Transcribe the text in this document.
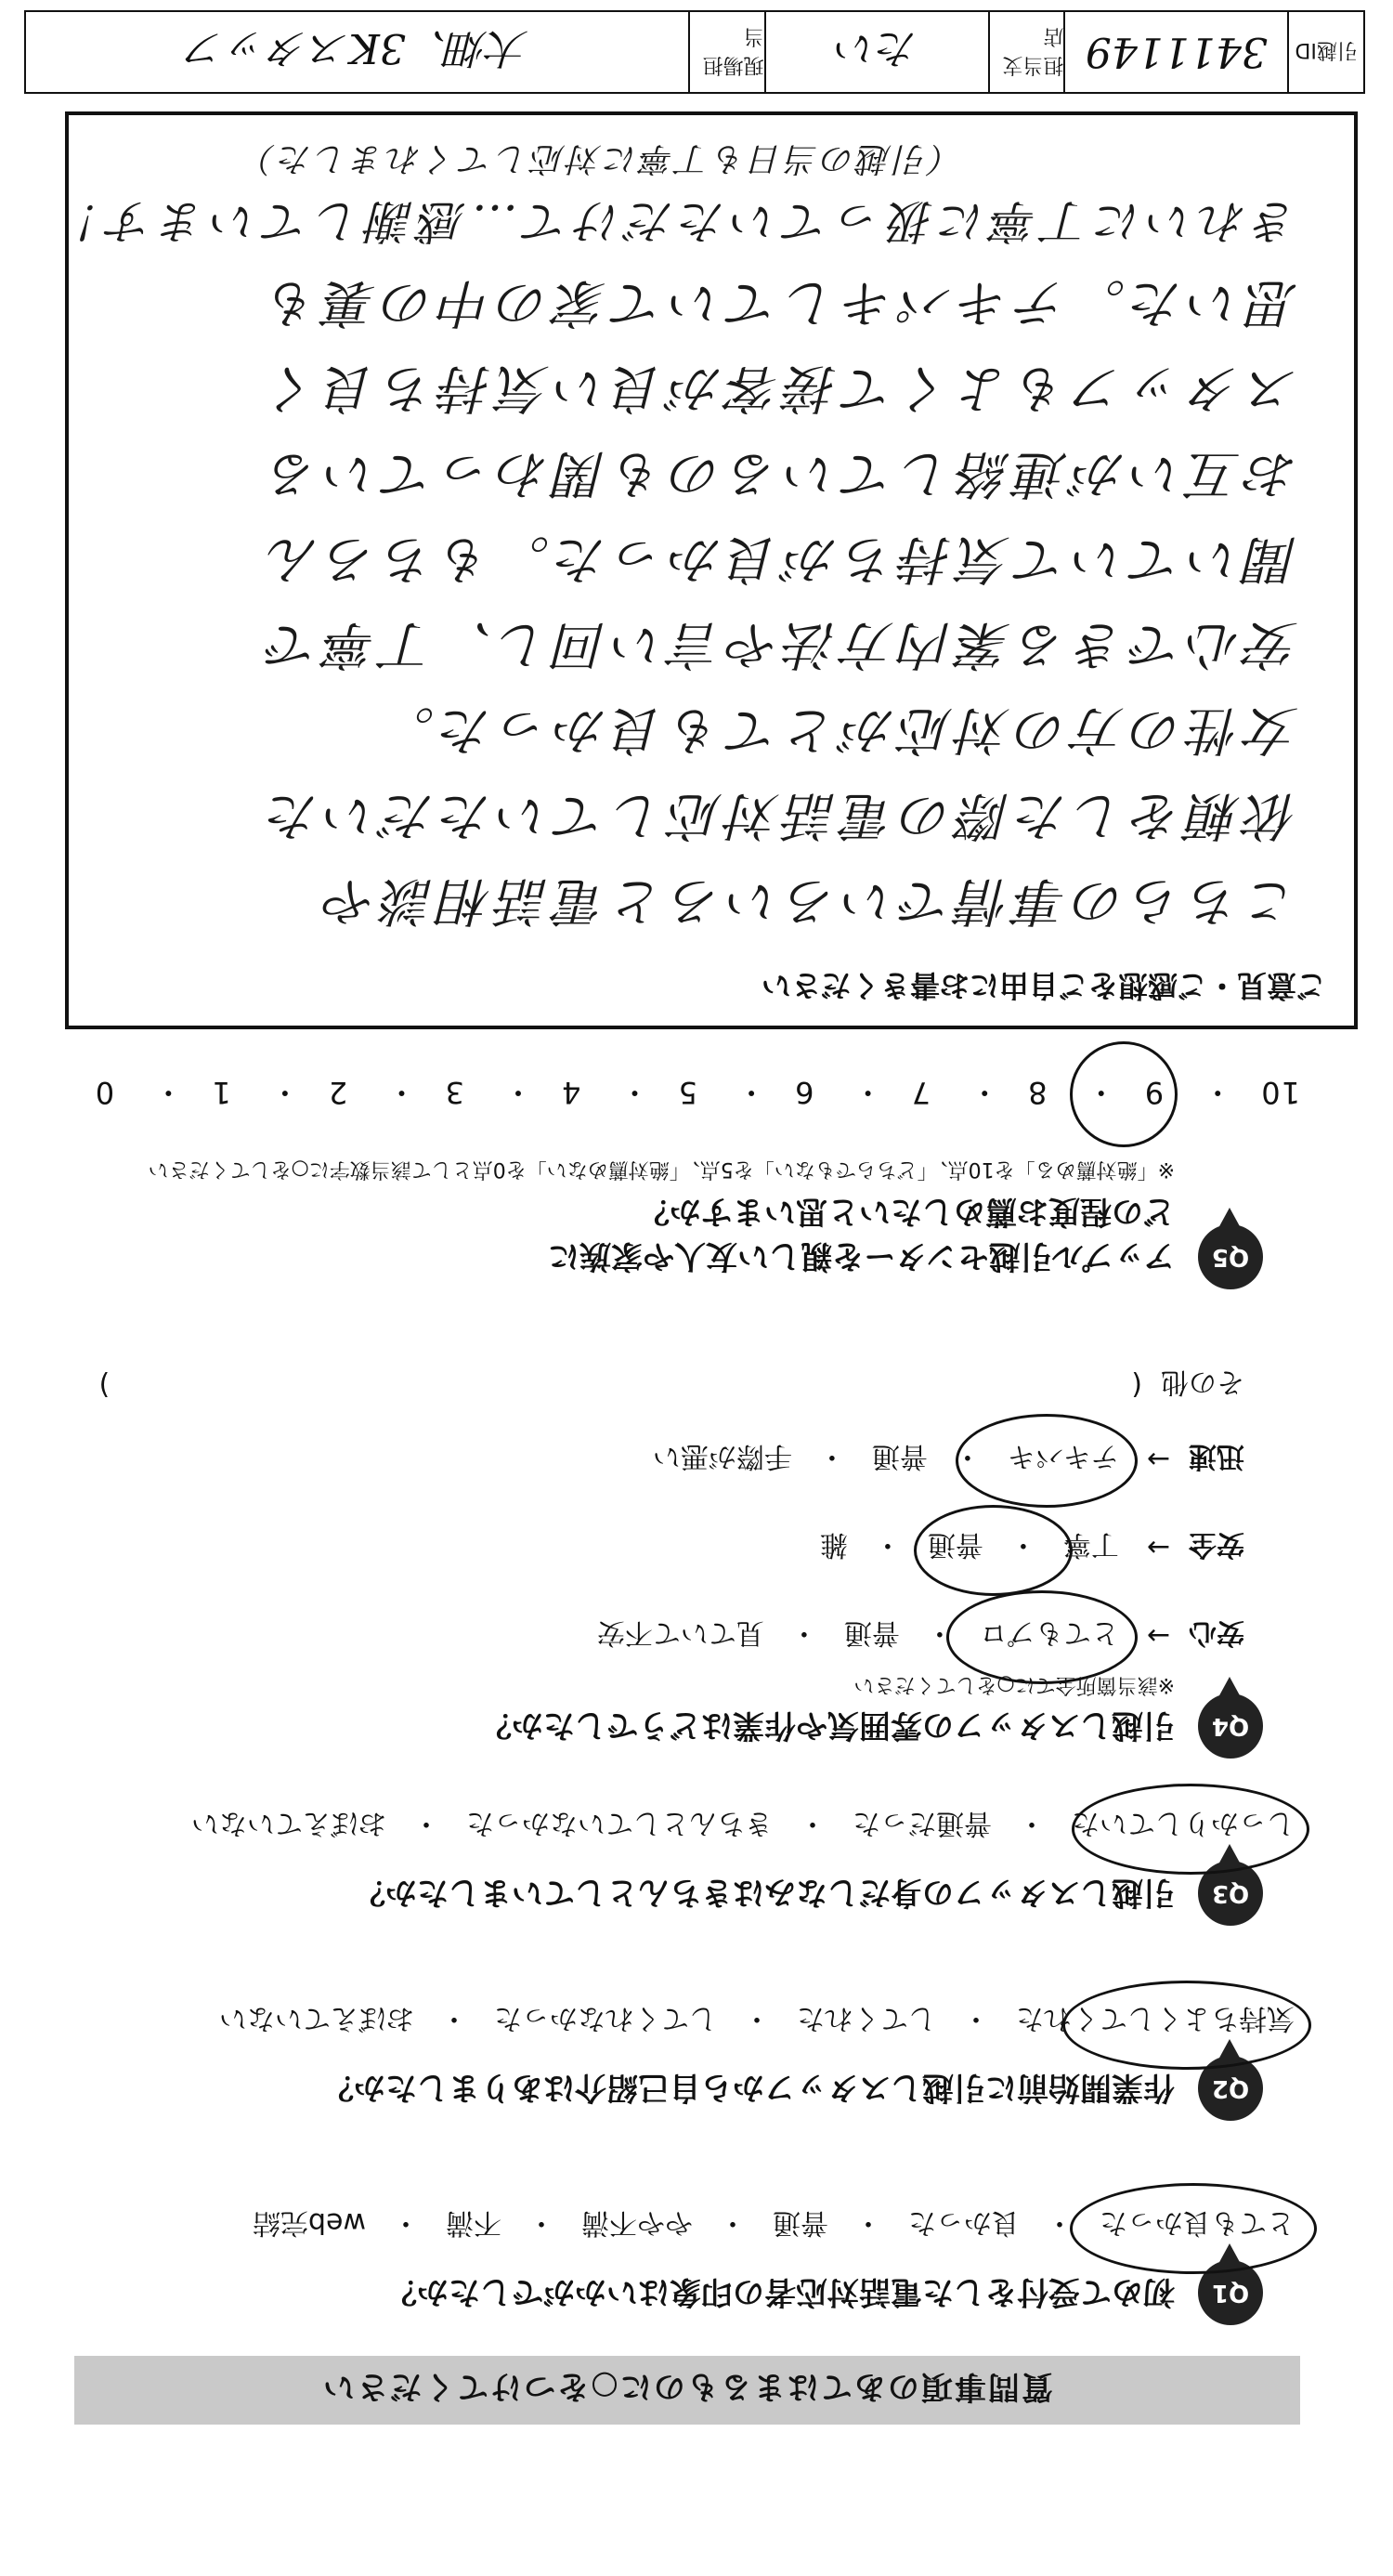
質問事項のあてはまるものに○をつけてください
Q1
初めて受付をした電話対応者の印象はいかがでしたか？
とても良かった
・
良かった
・
普通
・
やや不満
・
不満
・
web完結
Q2
作業開始前に引越しスタッフから自己紹介はありましたか？
気持ちよくしてくれた
・
してくれた
・
してくれなかった
・
おぼえていない
Q3
引越しスタッフの身だしなみはきちんとしていましたか？
しっかりしていた
・
普通だった
・
きちんとしていなかった
・
おぼえていない
Q4
引越しスタッフの雰囲気や作業はどうでしたか？
※該当箇所全てに○をしてください
安心
→
とてもプロ
・
普通
・
見ていて不安
安全
→
丁寧
・
普通
・
雑
迅速
→
テキパキ
・
普通
・
手際が悪い
その他
(
)
Q5
アップル引越センターを親しい友人や家族に
どの程度お薦めしたいと思いますか？
※「絶対薦める」を10点、「どちらでもない」を5点、「絶対薦めない」を0点として該当数字に○をしてください
10・ 9・ 8・ 7・ 6・ 5・ 4・ 3・ 2・ 1・ 0
ご意見・ご感想をご自由にお書きください
こちらの事情でいろいろと電話相談や
依頼をした際の電話対応していただいた
女性の方の対応がとても良かった。
安心できる案内方法や言い回し、丁寧で
聞いていて気持ちが良かった。もちろん
お互いが連絡しているのも関わっている
スタッフもよくて接客が良い気持ち良く
思いた。テキパキしていて家の中の裏も
きれいに丁寧に扱っていただけて…感謝しています！
（引越の当日も丁寧に対応してくれました）
引越ID
3411149
担当支店
たい
現場担当
大畑、3Kスタッフ
